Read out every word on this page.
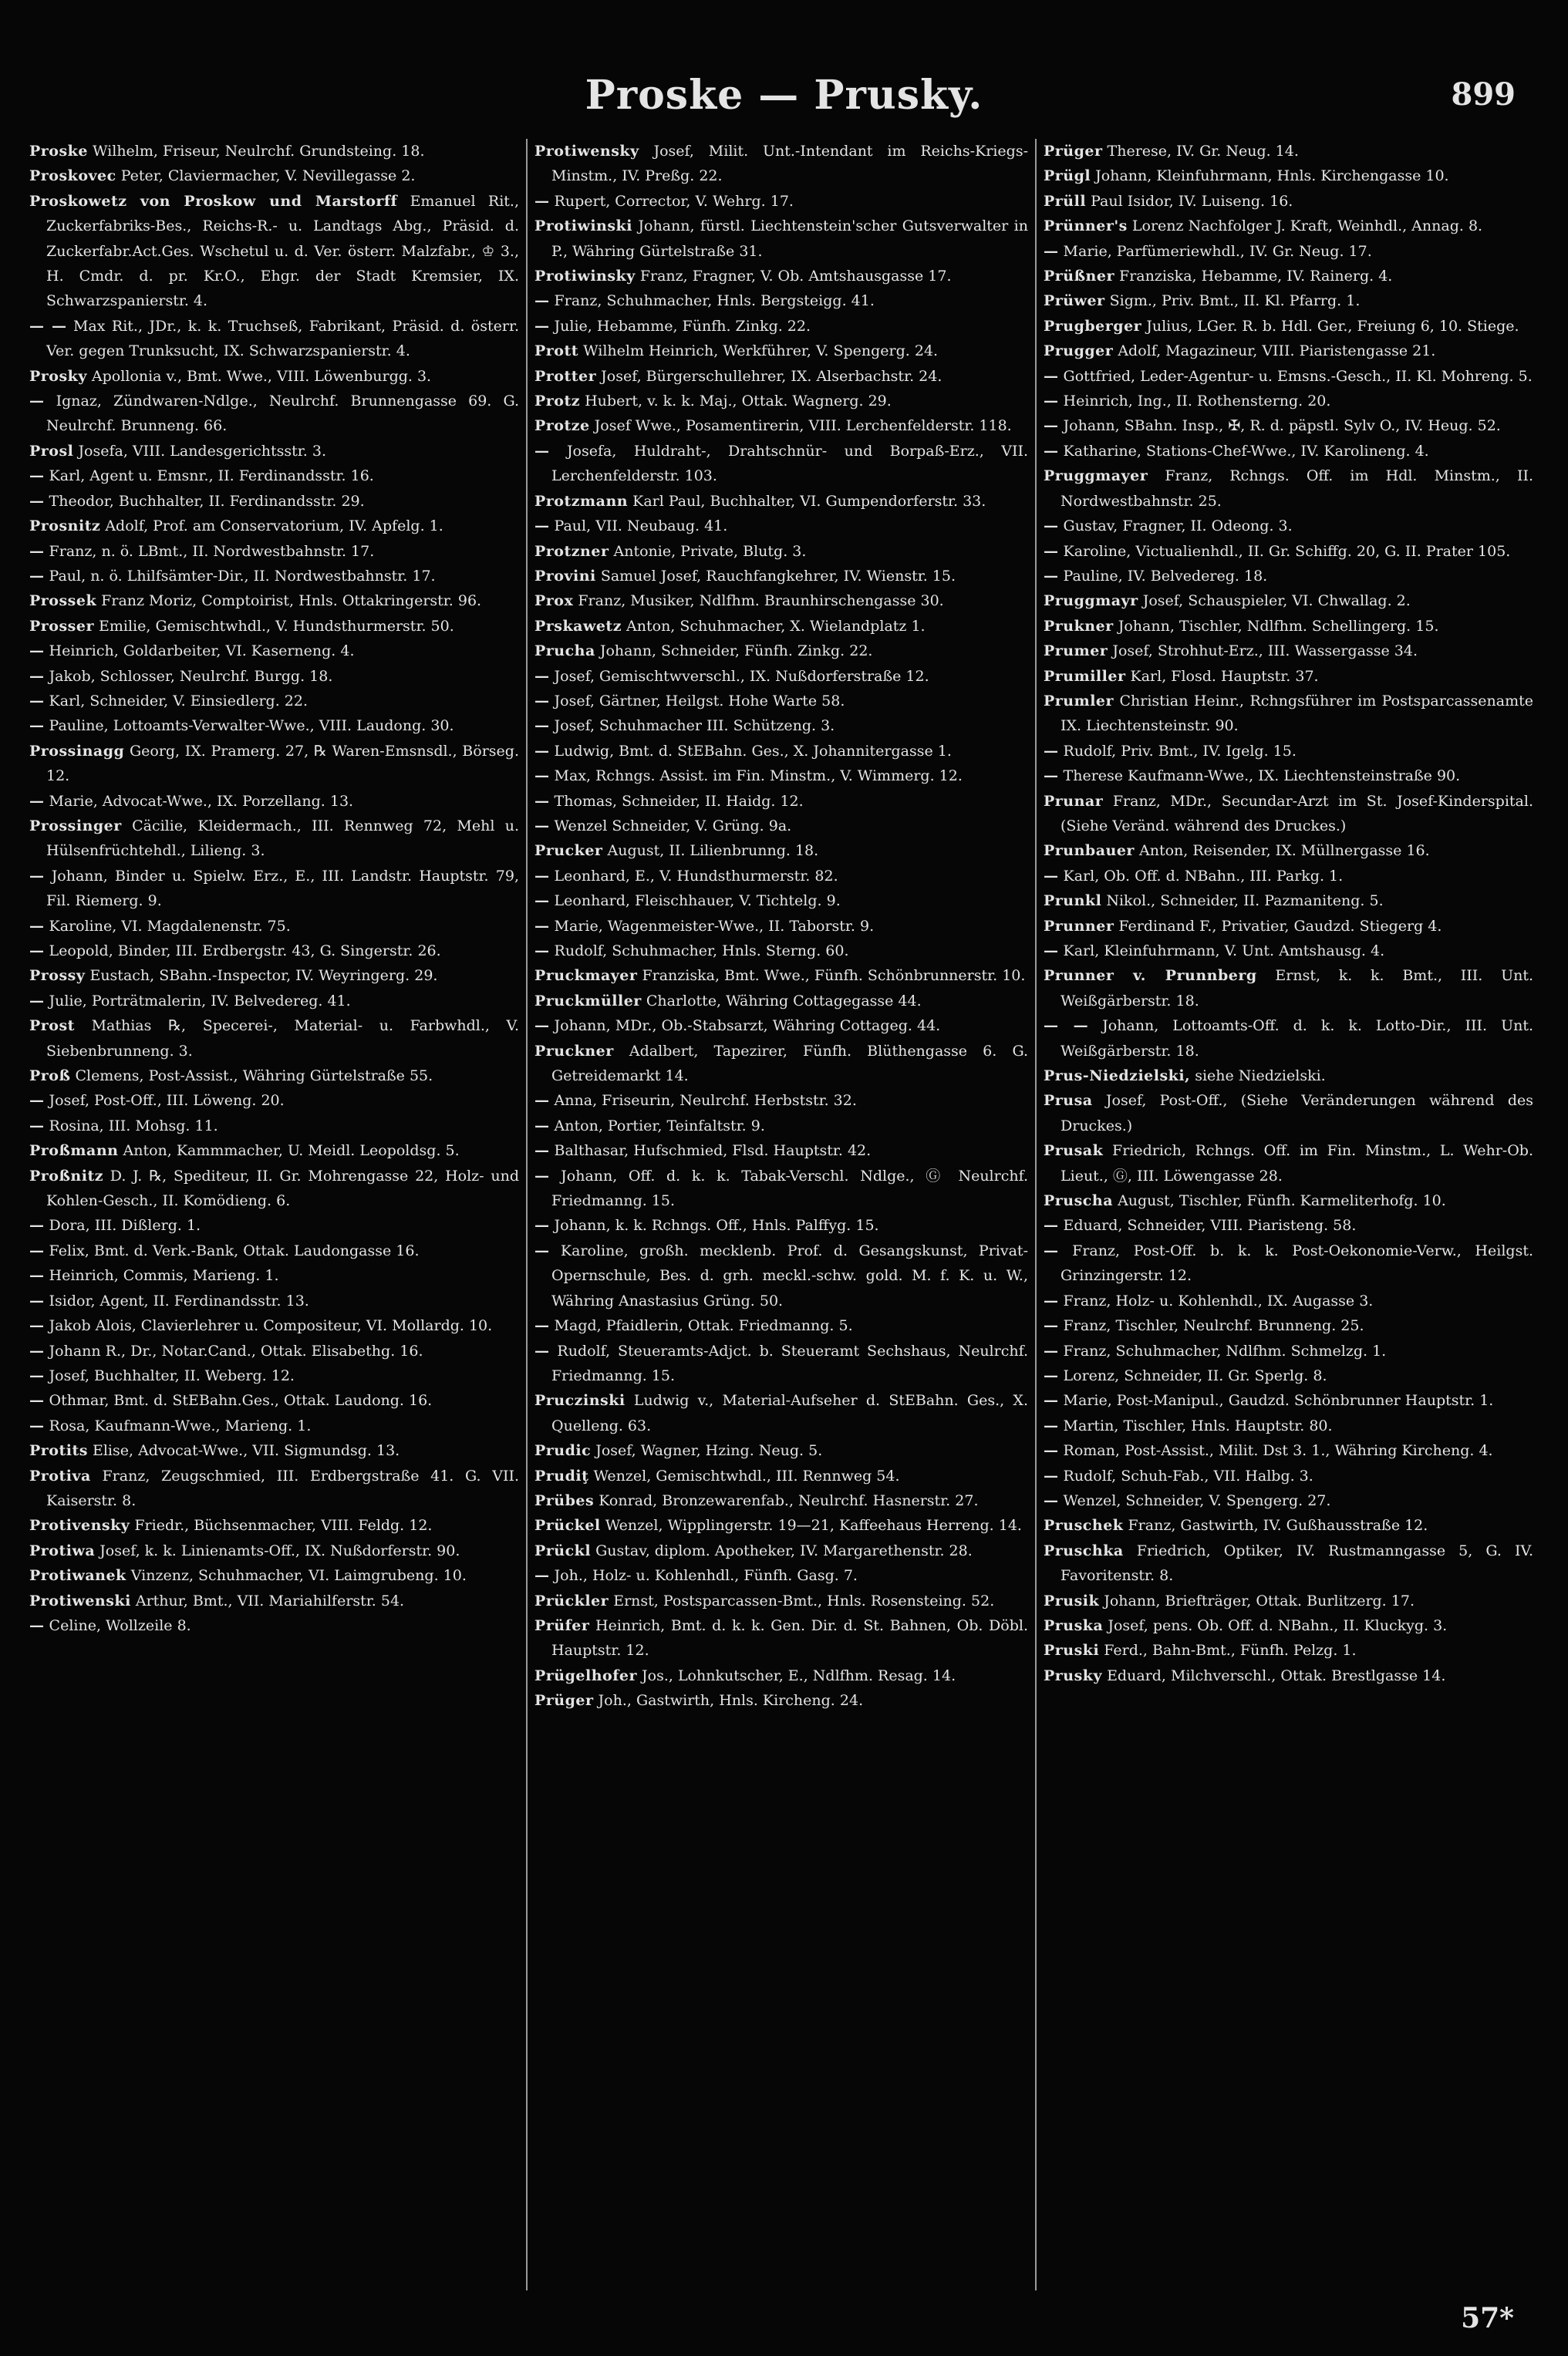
Proske — Prusky.	899

Proske Wilhelm, Friseur, Neulrchf. Grundsteing. 18.

Proskovec Peter, Claviermacher, V. Nevillegasse 2.

Proskowetz von Proskow und Marstorff Emanuel Rit., Zuckerfabriks-Bes., Reichs-R.- u. Landtags Abg., Präsid. d. Zuckerfabr.Act.Ges. Wschetul u. d. Ver. österr. Malzfabr., ♔ 3., H. Cmdr. d. pr. Kr.O., Ehgr. der Stadt Kremsier, IX. Schwarzspanierstr. 4.

— — Max Rit., JDr., k. k. Truchseß, Fabrikant, Präsid. d. österr. Ver. gegen Trunksucht, IX. Schwarzspanierstr. 4.

Prosky Apollonia v., Bmt. Wwe., VIII. Löwenburgg. 3.

— Ignaz, Zündwaren-Ndlge., Neulrchf. Brunnengasse 69. G. Neulrchf. Brunneng. 66.

Prosl Josefa, VIII. Landesgerichtsstr. 3.

— Karl, Agent u. Emsnr., II. Ferdinandsstr. 16.

— Theodor, Buchhalter, II. Ferdinandsstr. 29.

Prosnitz Adolf, Prof. am Conservatorium, IV. Apfelg. 1.

— Franz, n. ö. LBmt., II. Nordwestbahnstr. 17.

— Paul, n. ö. Lhilfsämter-Dir., II. Nordwestbahnstr. 17.

Prossek Franz Moriz, Comptoirist, Hnls. Ottakringerstr. 96.

Prosser Emilie, Gemischtwhdl., V. Hundsthurmerstr. 50.

— Heinrich, Goldarbeiter, VI. Kaserneng. 4.

— Jakob, Schlosser, Neulrchf. Burgg. 18.

— Karl, Schneider, V. Einsiedlerg. 22.

— Pauline, Lottoamts-Verwalter-Wwe., VIII. Laudong. 30.

Prossinagg Georg, IX. Pramerg. 27, ℞ Waren-Emsnsdl., Börseg. 12.

— Marie, Advocat-Wwe., IX. Porzellang. 13.

Prossinger Cäcilie, Kleidermach., III. Rennweg 72, Mehl u. Hülsenfrüchtehdl., Lilieng. 3.

— Johann, Binder u. Spielw. Erz., E., III. Landstr. Hauptstr. 79, Fil. Riemerg. 9.

— Karoline, VI. Magdalenenstr. 75.

— Leopold, Binder, III. Erdbergstr. 43, G. Singerstr. 26.

Prossy Eustach, SBahn.-Inspector, IV. Weyringerg. 29.

— Julie, Porträtmalerin, IV. Belvedereg. 41.

Prost Mathias ℞, Specerei-, Material- u. Farbwhdl., V. Siebenbrunneng. 3.

Proß Clemens, Post-Assist., Währing Gürtelstraße 55.

— Josef, Post-Off., III. Löweng. 20.

— Rosina, III. Mohsg. 11.

Proßmann Anton, Kammmacher, U. Meidl. Leopoldsg. 5.

Proßnitz D. J. ℞, Spediteur, II. Gr. Mohrengasse 22, Holz- und Kohlen-Gesch., II. Komödieng. 6.

— Dora, III. Dißlerg. 1.

— Felix, Bmt. d. Verk.-Bank, Ottak. Laudongasse 16.

— Heinrich, Commis, Marieng. 1.

— Isidor, Agent, II. Ferdinandsstr. 13.

— Jakob Alois, Clavierlehrer u. Compositeur, VI. Mollardg. 10.

— Johann R., Dr., Notar.Cand., Ottak. Elisabethg. 16.

— Josef, Buchhalter, II. Weberg. 12.

— Othmar, Bmt. d. StEBahn.Ges., Ottak. Laudong. 16.

— Rosa, Kaufmann-Wwe., Marieng. 1.

Protits Elise, Advocat-Wwe., VII. Sigmundsg. 13.

Protiva Franz, Zeugschmied, III. Erdbergstraße 41. G. VII. Kaiserstr. 8.

Protivensky Friedr., Büchsenmacher, VIII. Feldg. 12.

Protiwa Josef, k. k. Linienamts-Off., IX. Nußdorferstr. 90.

Protiwanek Vinzenz, Schuhmacher, VI. Laimgrubeng. 10.

Protiwenski Arthur, Bmt., VII. Mariahilferstr. 54.

— Celine, Wollzeile 8.

Protiwensky Josef, Milit. Unt.-Intendant im Reichs-Kriegs-Minstm., IV. Preßg. 22.

— Rupert, Corrector, V. Wehrg. 17.

Protiwinski Johann, fürstl. Liechtenstein'scher Gutsverwalter in P., Währing Gürtelstraße 31.

Protiwinsky Franz, Fragner, V. Ob. Amtshausgasse 17.

— Franz, Schuhmacher, Hnls. Bergsteigg. 41.

— Julie, Hebamme, Fünfh. Zinkg. 22.

Prott Wilhelm Heinrich, Werkführer, V. Spengerg. 24.

Protter Josef, Bürgerschullehrer, IX. Alserbachstr. 24.

Protz Hubert, v. k. k. Maj., Ottak. Wagnerg. 29.

Protze Josef Wwe., Posamentirerin, VIII. Lerchenfelderstr. 118.

— Josefa, Huldraht-, Drahtschnür- und Borpaß-Erz., VII. Lerchenfelderstr. 103.

Protzmann Karl Paul, Buchhalter, VI. Gumpendorferstr. 33.

— Paul, VII. Neubaug. 41.

Protzner Antonie, Private, Blutg. 3.

Provini Samuel Josef, Rauchfangkehrer, IV. Wienstr. 15.

Prox Franz, Musiker, Ndlfhm. Braunhirschengasse 30.

Prskawetz Anton, Schuhmacher, X. Wielandplatz 1.

Prucha Johann, Schneider, Fünfh. Zinkg. 22.

— Josef, Gemischtwverschl., IX. Nußdorferstraße 12.

— Josef, Gärtner, Heilgst. Hohe Warte 58.

— Josef, Schuhmacher III. Schützeng. 3.

— Ludwig, Bmt. d. StEBahn. Ges., X. Johannitergasse 1.

— Max, Rchngs. Assist. im Fin. Minstm., V. Wimmerg. 12.

— Thomas, Schneider, II. Haidg. 12.

— Wenzel Schneider, V. Grüng. 9a.

Prucker August, II. Lilienbrunng. 18.

— Leonhard, E., V. Hundsthurmerstr. 82.

— Leonhard, Fleischhauer, V. Tichtelg. 9.

— Marie, Wagenmeister-Wwe., II. Taborstr. 9.

— Rudolf, Schuhmacher, Hnls. Sterng. 60.

Pruckmayer Franziska, Bmt. Wwe., Fünfh. Schönbrunnerstr. 10.

Pruckmüller Charlotte, Währing Cottagegasse 44.

— Johann, MDr., Ob.-Stabsarzt, Währing Cottageg. 44.

Pruckner Adalbert, Tapezirer, Fünfh. Blüthengasse 6. G. Getreidemarkt 14.

— Anna, Friseurin, Neulrchf. Herbststr. 32.

— Anton, Portier, Teinfaltstr. 9.

— Balthasar, Hufschmied, Flsd. Hauptstr. 42.

— Johann, Off. d. k. k. Tabak-Verschl. Ndlge., Ⓖ Neulrchf. Friedmanng. 15.

— Johann, k. k. Rchngs. Off., Hnls. Palffyg. 15.

— Karoline, großh. mecklenb. Prof. d. Gesangskunst, Privat-Opernschule, Bes. d. grh. meckl.-schw. gold. M. f. K. u. W., Währing Anastasius Grüng. 50.

— Magd, Pfaidlerin, Ottak. Friedmanng. 5.

— Rudolf, Steueramts-Adjct. b. Steueramt Sechshaus, Neulrchf. Friedmanng. 15.

Pruczinski Ludwig v., Material-Aufseher d. StEBahn. Ges., X. Quelleng. 63.

Prudic Josef, Wagner, Hzing. Neug. 5.

Prudiţ Wenzel, Gemischtwhdl., III. Rennweg 54.

Prübes Konrad, Bronzewarenfab., Neulrchf. Hasnerstr. 27.

Prückel Wenzel, Wipplingerstr. 19—21, Kaffeehaus Herreng. 14.

Prückl Gustav, diplom. Apotheker, IV. Margarethenstr. 28.

— Joh., Holz- u. Kohlenhdl., Fünfh. Gasg. 7.

Prückler Ernst, Postsparcassen-Bmt., Hnls. Rosensteing. 52.

Prüfer Heinrich, Bmt. d. k. k. Gen. Dir. d. St. Bahnen, Ob. Döbl. Hauptstr. 12.

Prügelhofer Jos., Lohnkutscher, E., Ndlfhm. Resag. 14.

Prüger Joh., Gastwirth, Hnls. Kircheng. 24.

Prüger Therese, IV. Gr. Neug. 14.

Prügl Johann, Kleinfuhrmann, Hnls. Kirchengasse 10.

Prüll Paul Isidor, IV. Luiseng. 16.

Prünner's Lorenz Nachfolger J. Kraft, Weinhdl., Annag. 8.

— Marie, Parfümeriewhdl., IV. Gr. Neug. 17.

Prüßner Franziska, Hebamme, IV. Rainerg. 4.

Prüwer Sigm., Priv. Bmt., II. Kl. Pfarrg. 1.

Prugberger Julius, LGer. R. b. Hdl. Ger., Freiung 6, 10. Stiege.

Prugger Adolf, Magazineur, VIII. Piaristengasse 21.

— Gottfried, Leder-Agentur- u. Emsns.-Gesch., II. Kl. Mohreng. 5.

— Heinrich, Ing., II. Rothensterng. 20.

— Johann, SBahn. Insp., ✠, R. d. päpstl. Sylv O., IV. Heug. 52.

— Katharine, Stations-Chef-Wwe., IV. Karolineng. 4.

Pruggmayer Franz, Rchngs. Off. im Hdl. Minstm., II. Nordwestbahnstr. 25.

— Gustav, Fragner, II. Odeong. 3.

— Karoline, Victualienhdl., II. Gr. Schiffg. 20, G. II. Prater 105.

— Pauline, IV. Belvedereg. 18.

Pruggmayr Josef, Schauspieler, VI. Chwallag. 2.

Prukner Johann, Tischler, Ndlfhm. Schellingerg. 15.

Prumer Josef, Strohhut-Erz., III. Wassergasse 34.

Prumiller Karl, Flosd. Hauptstr. 37.

Prumler Christian Heinr., Rchngsführer im Postsparcassenamte IX. Liechtensteinstr. 90.

— Rudolf, Priv. Bmt., IV. Igelg. 15.

— Therese Kaufmann-Wwe., IX. Liechtensteinstraße 90.

Prunar Franz, MDr., Secundar-Arzt im St. Josef-Kinderspital. (Siehe Veränd. während des Druckes.)

Prunbauer Anton, Reisender, IX. Müllnergasse 16.

— Karl, Ob. Off. d. NBahn., III. Parkg. 1.

Prunkl Nikol., Schneider, II. Pazmaniteng. 5.

Prunner Ferdinand F., Privatier, Gaudzd. Stiegerg 4.

— Karl, Kleinfuhrmann, V. Unt. Amtshausg. 4.

Prunner v. Prunnberg Ernst, k. k. Bmt., III. Unt. Weißgärberstr. 18.

— — Johann, Lottoamts-Off. d. k. k. Lotto-Dir., III. Unt. Weißgärberstr. 18.

Prus-Niedzielski, siehe Niedzielski.

Prusa Josef, Post-Off., (Siehe Veränderungen während des Druckes.)

Prusak Friedrich, Rchngs. Off. im Fin. Minstm., L. Wehr-Ob. Lieut., Ⓖ, III. Löwengasse 28.

Pruscha August, Tischler, Fünfh. Karmeliterhofg. 10.

— Eduard, Schneider, VIII. Piaristeng. 58.

— Franz, Post-Off. b. k. k. Post-Oekonomie-Verw., Heilgst. Grinzingerstr. 12.

— Franz, Holz- u. Kohlenhdl., IX. Augasse 3.

— Franz, Tischler, Neulrchf. Brunneng. 25.

— Franz, Schuhmacher, Ndlfhm. Schmelzg. 1.

— Lorenz, Schneider, II. Gr. Sperlg. 8.

— Marie, Post-Manipul., Gaudzd. Schönbrunner Hauptstr. 1.

— Martin, Tischler, Hnls. Hauptstr. 80.

— Roman, Post-Assist., Milit. Dst 3. 1., Währing Kircheng. 4.

— Rudolf, Schuh-Fab., VII. Halbg. 3.

— Wenzel, Schneider, V. Spengerg. 27.

Pruschek Franz, Gastwirth, IV. Gußhausstraße 12.

Pruschka Friedrich, Optiker, IV. Rustmanngasse 5, G. IV. Favoritenstr. 8.

Prusik Johann, Briefträger, Ottak. Burlitzerg. 17.

Pruska Josef, pens. Ob. Off. d. NBahn., II. Kluckyg. 3.

Pruski Ferd., Bahn-Bmt., Fünfh. Pelzg. 1.

Prusky Eduard, Milchverschl., Ottak. Brestlgasse 14.

57*
